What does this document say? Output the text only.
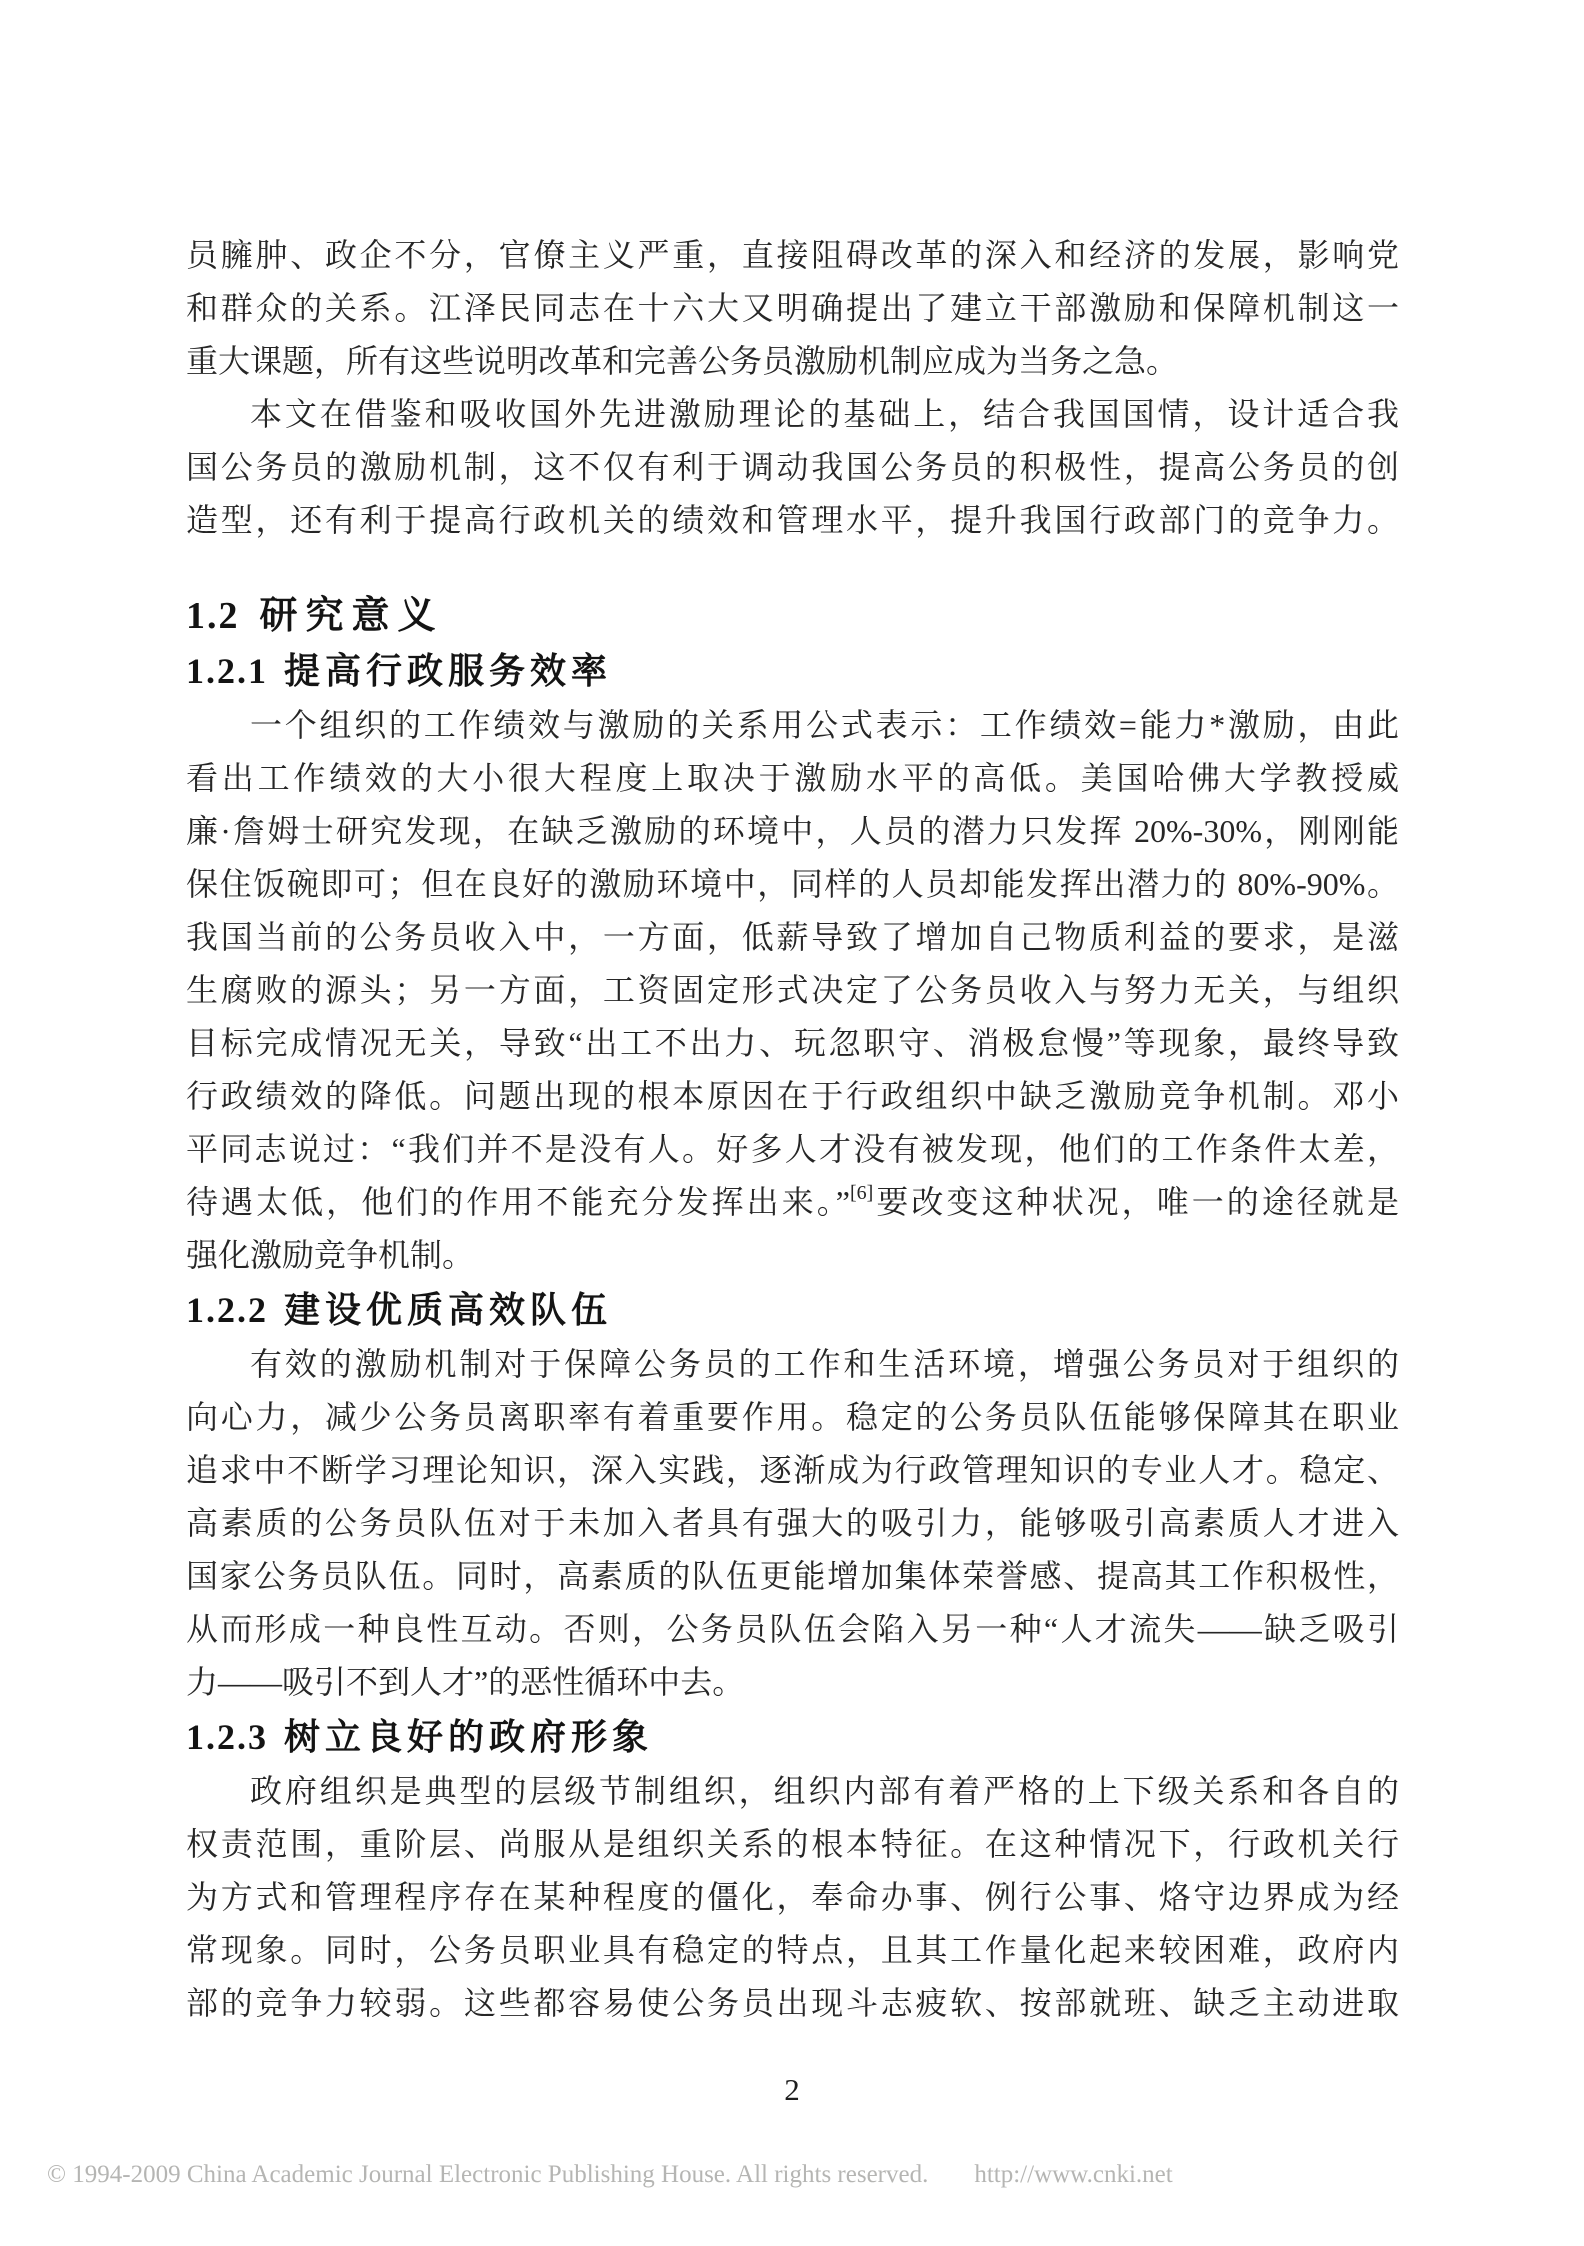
员臃肿、政企不分，官僚主义严重，直接阻碍改革的深入和经济的发展，影响党
和群众的关系。江泽民同志在十六大又明确提出了建立干部激励和保障机制这一
重大课题，所有这些说明改革和完善公务员激励机制应成为当务之急。
本文在借鉴和吸收国外先进激励理论的基础上，结合我国国情，设计适合我
国公务员的激励机制，这不仅有利于调动我国公务员的积极性，提高公务员的创
造型，还有利于提高行政机关的绩效和管理水平，提升我国行政部门的竞争力。
1.2 研究意义
1.2.1 提高行政服务效率
一个组织的工作绩效与激励的关系用公式表示：工作绩效=能力*激励，由此
看出工作绩效的大小很大程度上取决于激励水平的高低。美国哈佛大学教授威
廉·詹姆士研究发现，在缺乏激励的环境中，人员的潜力只发挥 20%-30%，刚刚能
保住饭碗即可；但在良好的激励环境中，同样的人员却能发挥出潜力的 80%-90%。
我国当前的公务员收入中，一方面，低薪导致了增加自己物质利益的要求，是滋
生腐败的源头；另一方面，工资固定形式决定了公务员收入与努力无关，与组织
目标完成情况无关，导致“出工不出力、玩忽职守、消极怠慢”等现象，最终导致
行政绩效的降低。问题出现的根本原因在于行政组织中缺乏激励竞争机制。邓小
平同志说过：“我们并不是没有人。好多人才没有被发现，他们的工作条件太差，
待遇太低，他们的作用不能充分发挥出来。”[6]要改变这种状况，唯一的途径就是
强化激励竞争机制。
1.2.2 建设优质高效队伍
有效的激励机制对于保障公务员的工作和生活环境，增强公务员对于组织的
向心力，减少公务员离职率有着重要作用。稳定的公务员队伍能够保障其在职业
追求中不断学习理论知识，深入实践，逐渐成为行政管理知识的专业人才。稳定、
高素质的公务员队伍对于未加入者具有强大的吸引力，能够吸引高素质人才进入
国家公务员队伍。同时，高素质的队伍更能增加集体荣誉感、提高其工作积极性，
从而形成一种良性互动。否则，公务员队伍会陷入另一种“人才流失——缺乏吸引
力——吸引不到人才”的恶性循环中去。
1.2.3 树立良好的政府形象
政府组织是典型的层级节制组织，组织内部有着严格的上下级关系和各自的
权责范围，重阶层、尚服从是组织关系的根本特征。在这种情况下，行政机关行
为方式和管理程序存在某种程度的僵化，奉命办事、例行公事、烙守边界成为经
常现象。同时，公务员职业具有稳定的特点，且其工作量化起来较困难，政府内
部的竞争力较弱。这些都容易使公务员出现斗志疲软、按部就班、缺乏主动进取
2
© 1994-2009 China Academic Journal Electronic Publishing House. All rights reserved. http://www.cnki.net
